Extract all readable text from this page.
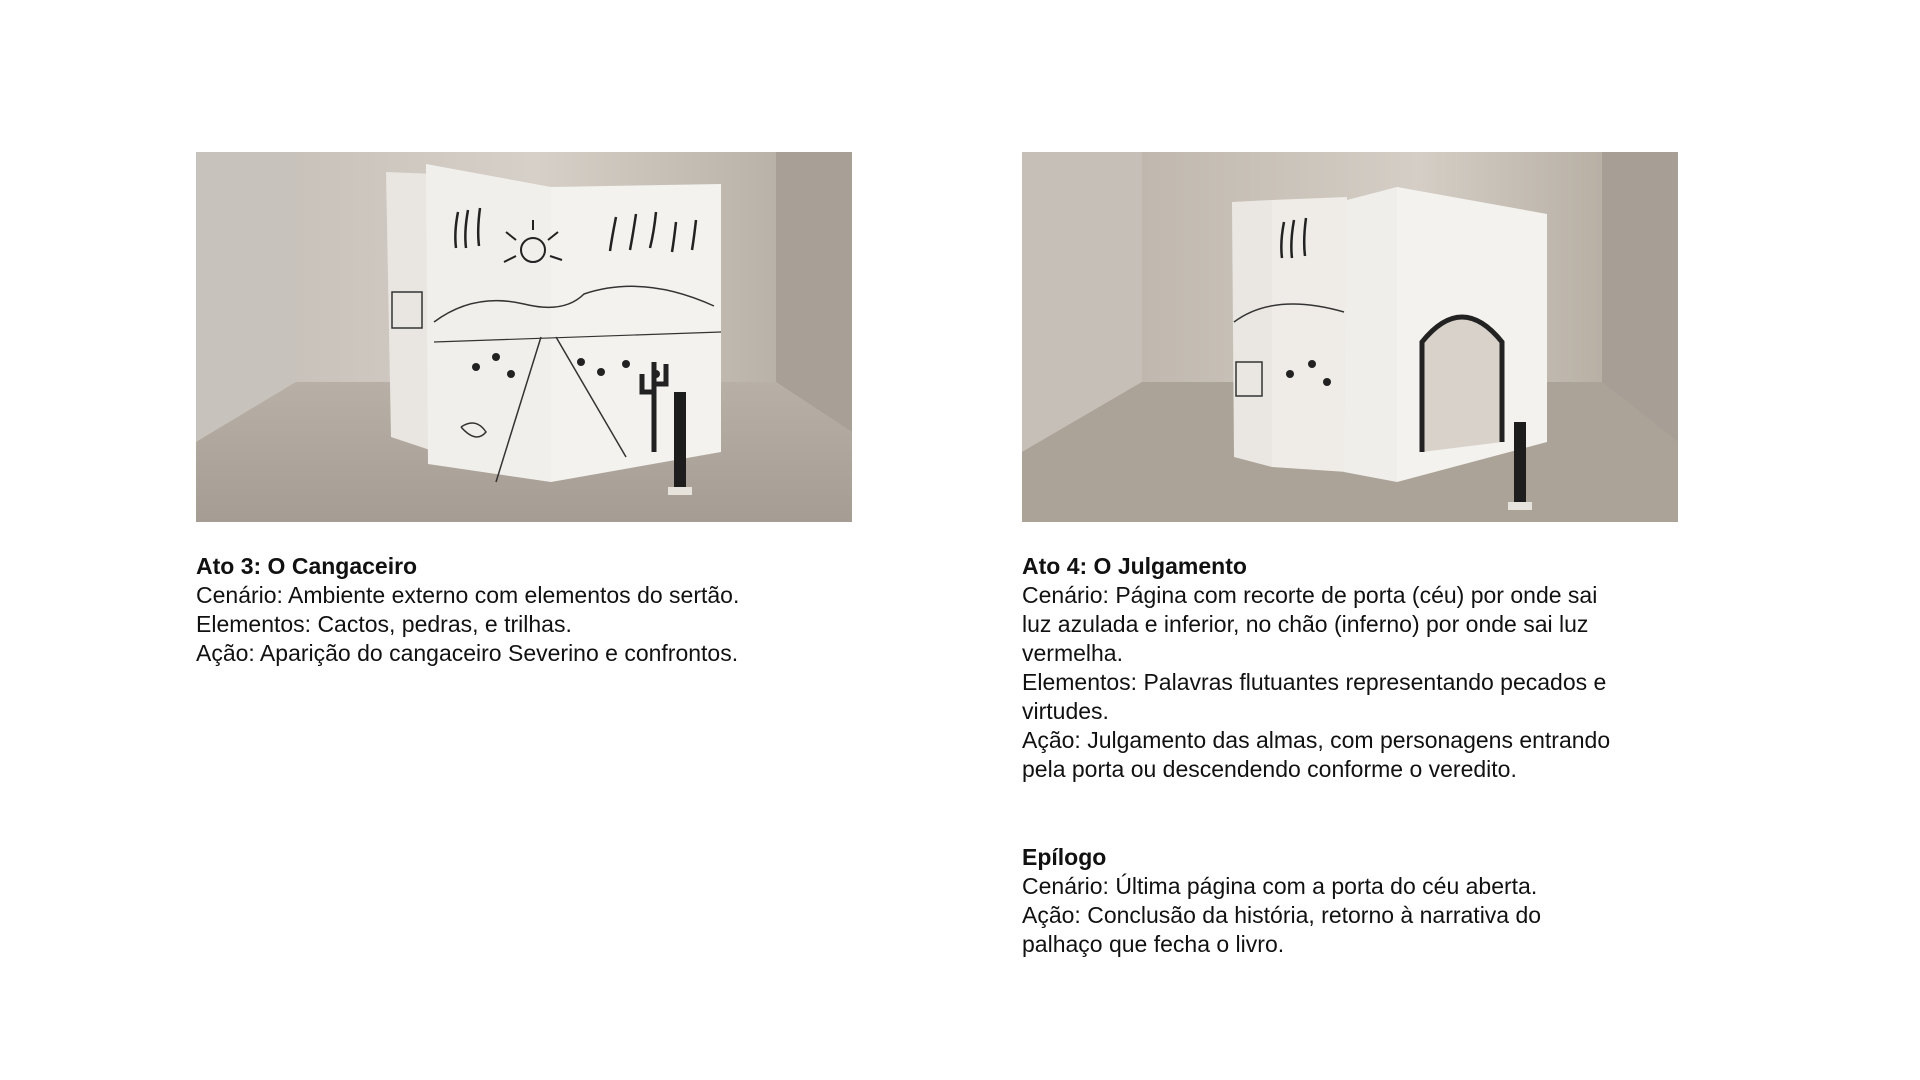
Ato 3: O Cangaceiro
Cenário: Ambiente externo com elementos do sertão.
Elementos: Cactos, pedras, e trilhas.
Ação: Aparição do cangaceiro Severino e confrontos.
Ato 4: O Julgamento
Cenário: Página com recorte de porta (céu) por onde sai
luz azulada e inferior, no chão (inferno) por onde sai luz
vermelha.
Elementos: Palavras flutuantes representando pecados e
virtudes.
Ação: Julgamento das almas, com personagens entrando
pela porta ou descendendo conforme o veredito.
Epílogo
Cenário: Última página com a porta do céu aberta.
Ação: Conclusão da história, retorno à narrativa do
palhaço que fecha o livro.
